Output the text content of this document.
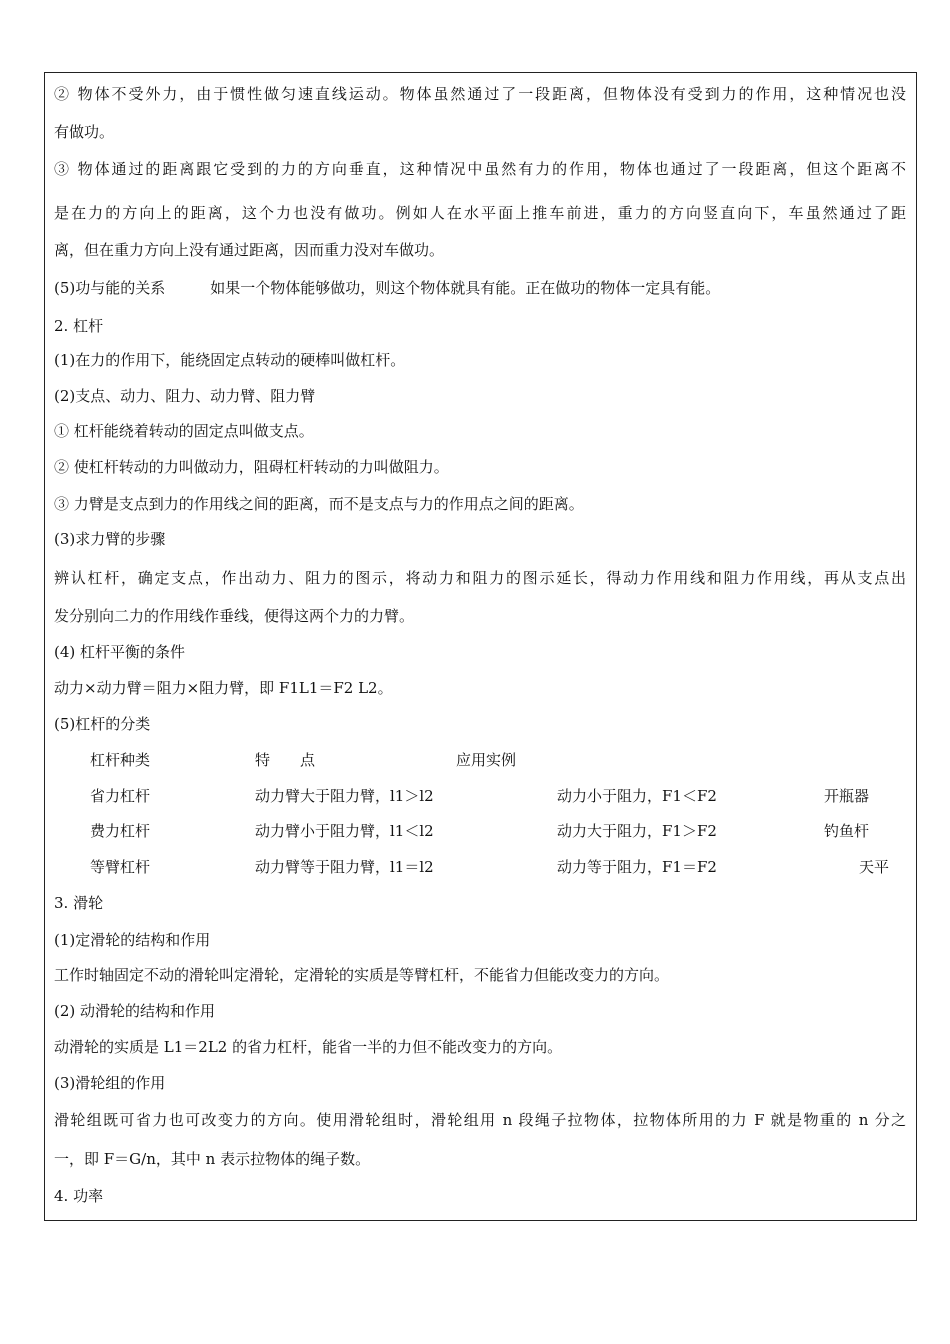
② 物体不受外力，由于惯性做匀速直线运动。物体虽然通过了一段距离，但物体没有受到力的作用，这种情况也没
有做功。
③ 物体通过的距离跟它受到的力的方向垂直，这种情况中虽然有力的作用，物体也通过了一段距离，但这个距离不
是在力的方向上的距离，这个力也没有做功。例如人在水平面上推车前进，重力的方向竖直向下，车虽然通过了距
离，但在重力方向上没有通过距离，因而重力没对车做功。
(5)功与能的关系　　　如果一个物体能够做功，则这个物体就具有能。正在做功的物体一定具有能。
2. 杠杆
(1)在力的作用下，能绕固定点转动的硬棒叫做杠杆。
(2)支点、动力、阻力、动力臂、阻力臂
① 杠杆能绕着转动的固定点叫做支点。
② 使杠杆转动的力叫做动力，阻碍杠杆转动的力叫做阻力。
③ 力臂是支点到力的作用线之间的距离，而不是支点与力的作用点之间的距离。
(3)求力臂的步骤
辨认杠杆，确定支点，作出动力、阻力的图示，将动力和阻力的图示延长，得动力作用线和阻力作用线，再从支点出
发分别向二力的作用线作垂线，便得这两个力的力臂。
(4) 杠杆平衡的条件
动力×动力臂＝阻力×阻力臂，即 F1L1＝F2 L2。
(5)杠杆的分类
杠杆种类	特　　点	应用实例
省力杠杆	动力臂大于阻力臂，l1＞l2	动力小于阻力，F1＜F2	开瓶器
费力杠杆	动力臂小于阻力臂，l1＜l2	动力大于阻力，F1＞F2	钓鱼杆
等臂杠杆	动力臂等于阻力臂，l1＝l2	动力等于阻力，F1＝F2	天平
3. 滑轮
(1)定滑轮的结构和作用
工作时轴固定不动的滑轮叫定滑轮，定滑轮的实质是等臂杠杆，不能省力但能改变力的方向。
(2) 动滑轮的结构和作用
动滑轮的实质是 L1＝2L2 的省力杠杆，能省一半的力但不能改变力的方向。
(3)滑轮组的作用
滑轮组既可省力也可改变力的方向。使用滑轮组时，滑轮组用 n 段绳子拉物体，拉物体所用的力 F 就是物重的 n 分之
一，即 F＝G/n，其中 n 表示拉物体的绳子数。
4. 功率
